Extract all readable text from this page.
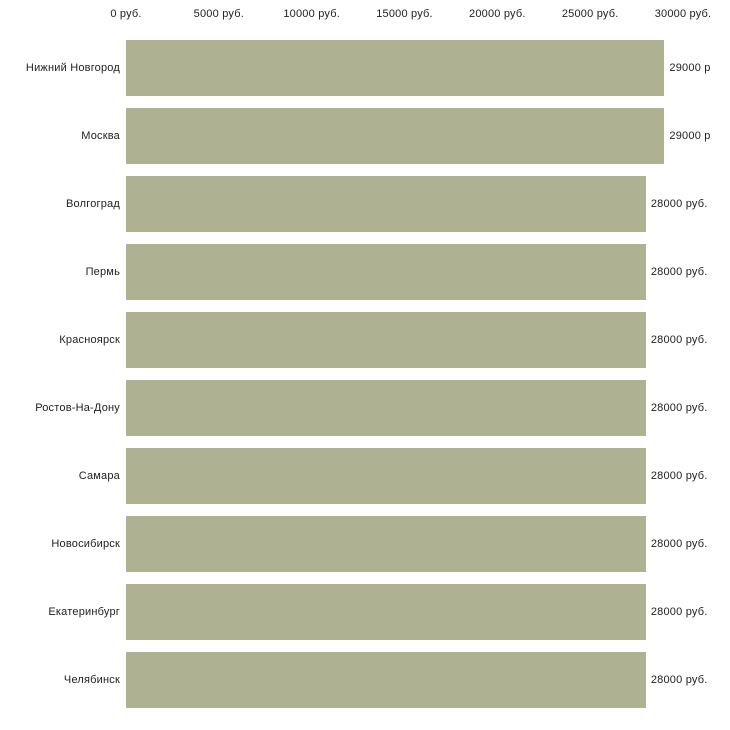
0 руб.	5000 руб.	10000 руб.	15000 руб.	20000 руб.	25000 руб.	30000 руб.
Нижний Новгород	29000 р
Москва	29000 р
Волгоград	28000 руб.
Пермь	28000 руб.
Красноярск	28000 руб.
Ростов-На-Дону	28000 руб.
Самара	28000 руб.
Новосибирск	28000 руб.
Екатеринбург	28000 руб.
Челябинск	28000 руб.
